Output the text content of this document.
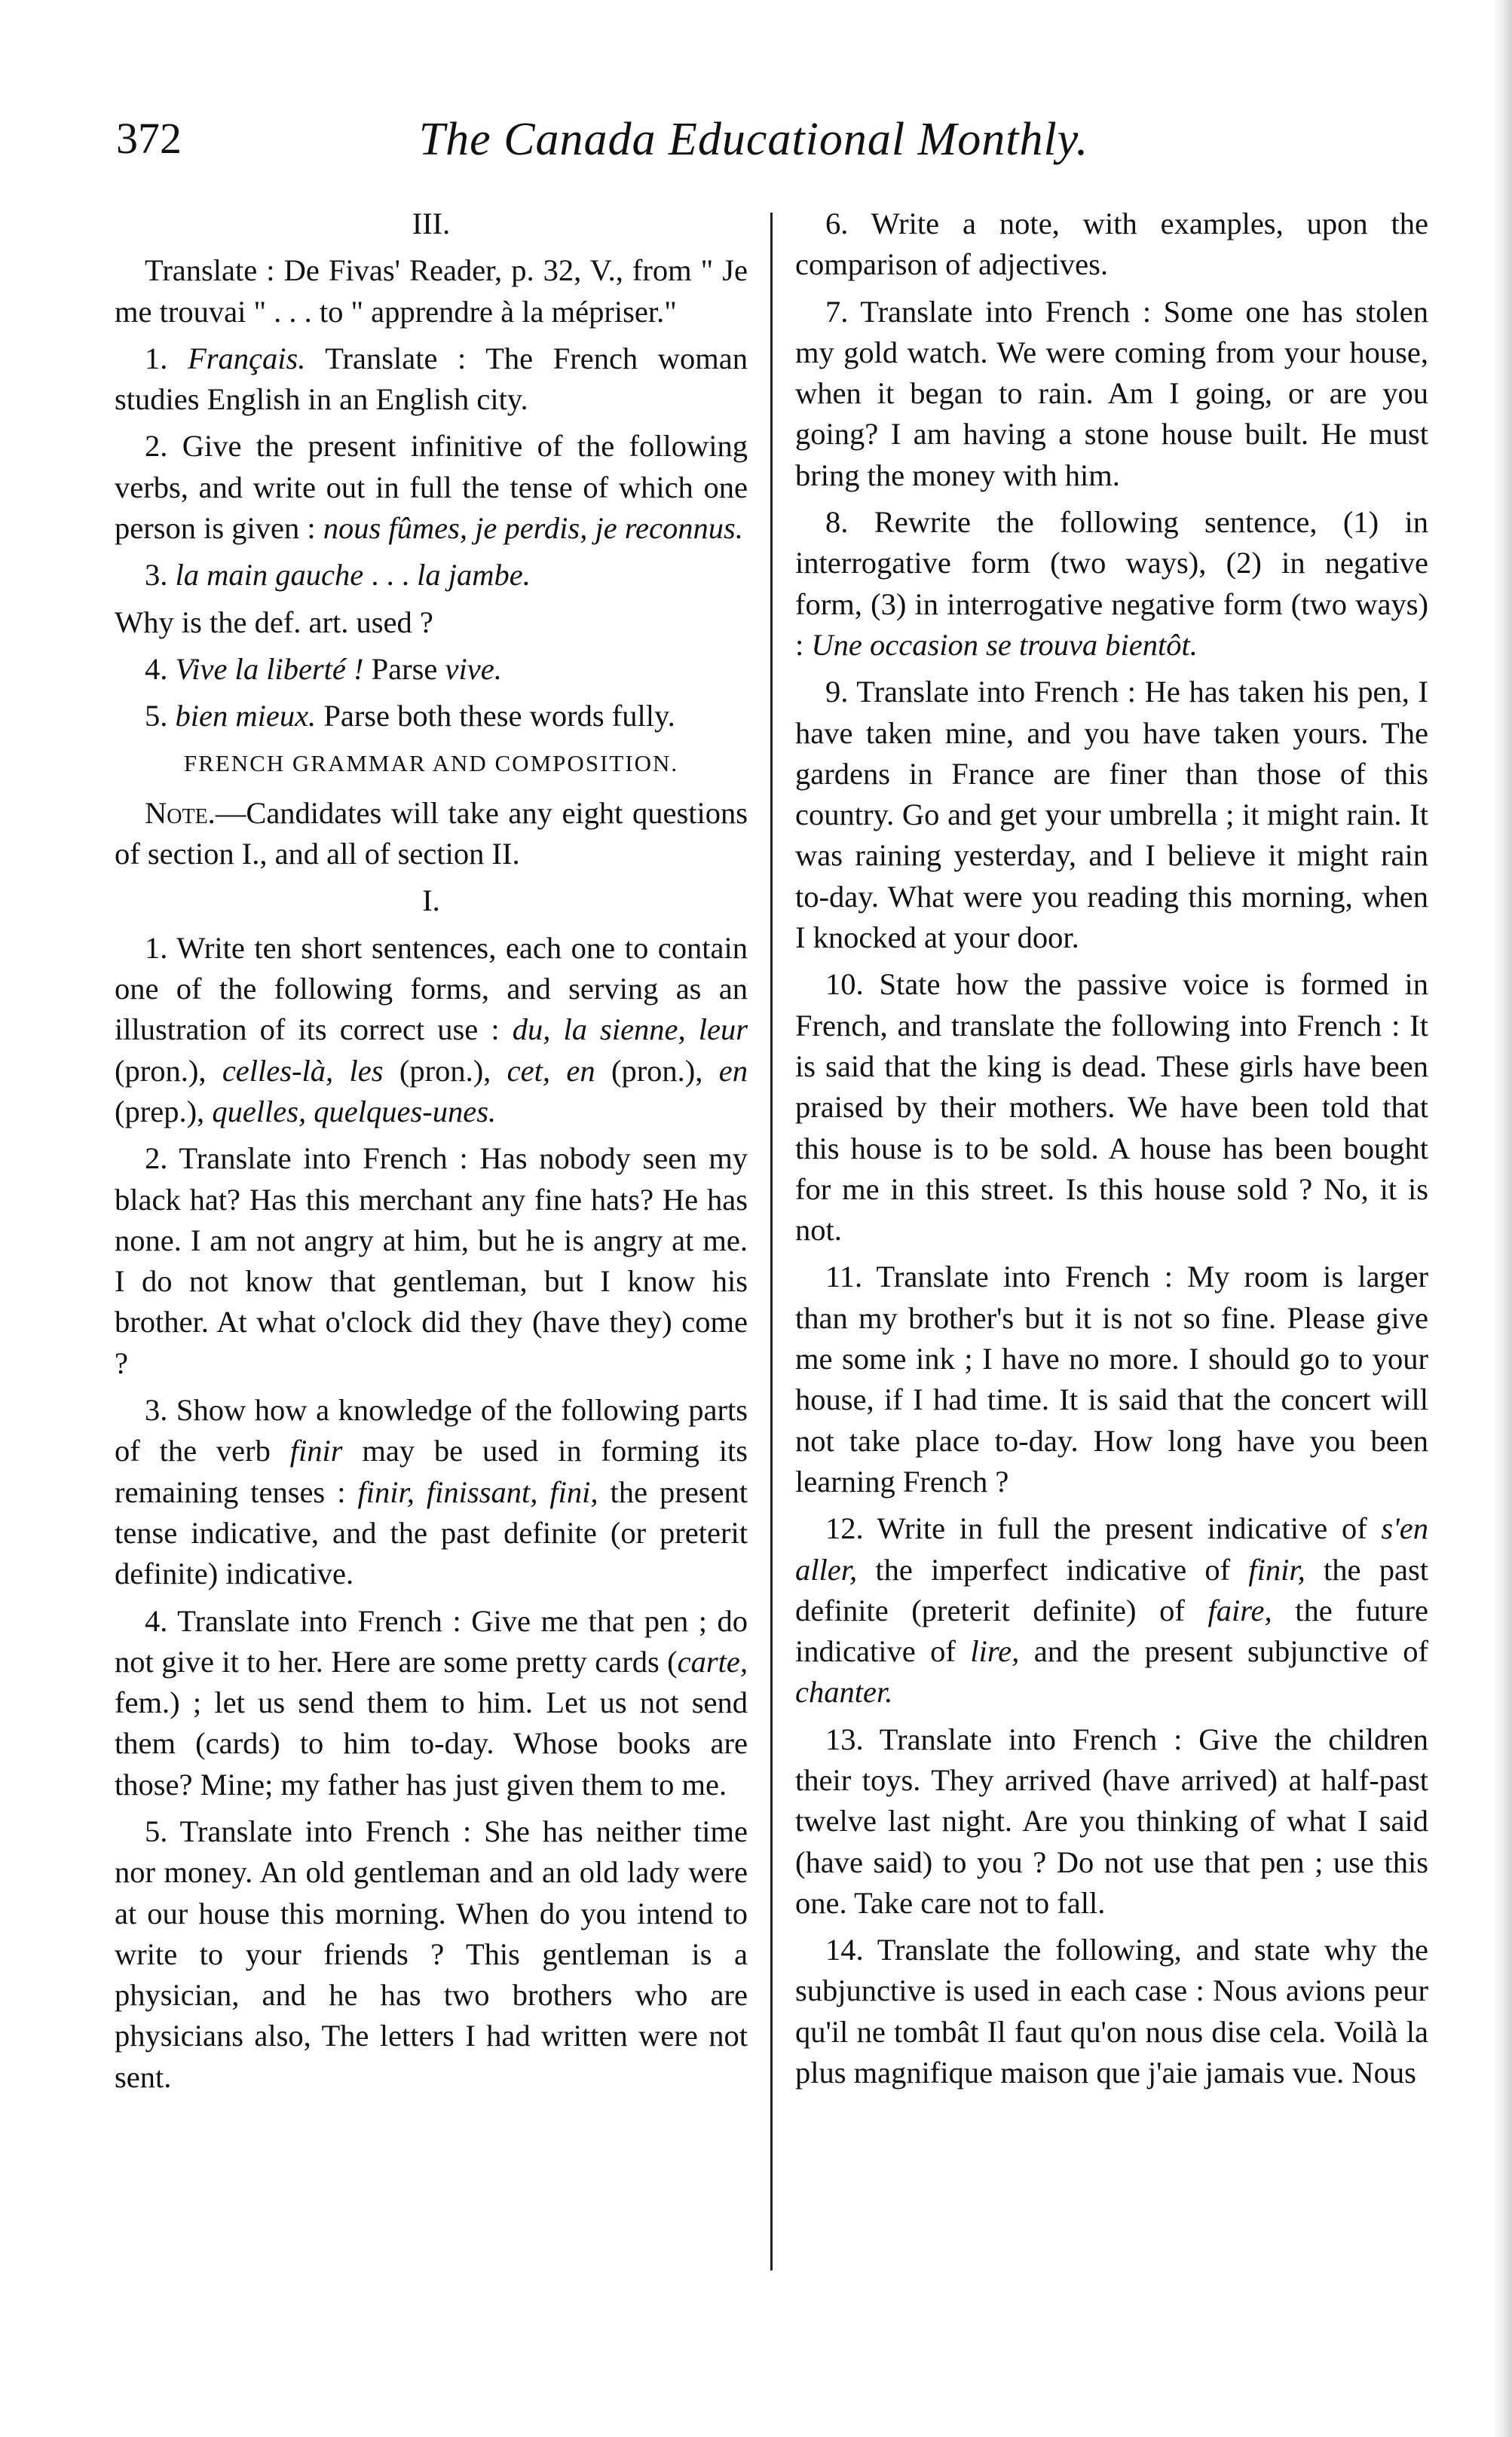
372	The Canada Educational Monthly.

III.

Translate : De Fivas' Reader, p. 32, V., from " Je me trouvai " . . . to " apprendre à la mépriser."

1. Français. Translate : The French woman studies English in an English city.

2. Give the present infinitive of the following verbs, and write out in full the tense of which one person is given : nous fûmes, je perdis, je reconnus.

3. la main gauche . . . la jambe.

Why is the def. art. used ?

4. Vive la liberté ! Parse vive.

5. bien mieux. Parse both these words fully.

FRENCH GRAMMAR AND COMPOSITION.

Note.—Candidates will take any eight questions of section I., and all of section II.

I.

1. Write ten short sentences, each one to contain one of the following forms, and serving as an illustration of its correct use : du, la sienne, leur (pron.), celles-là, les (pron.), cet, en (pron.), en (prep.), quelles, quelques-unes.

2. Translate into French : Has nobody seen my black hat? Has this merchant any fine hats? He has none. I am not angry at him, but he is angry at me. I do not know that gentleman, but I know his brother. At what o'clock did they (have they) come ?

3. Show how a knowledge of the following parts of the verb finir may be used in forming its remaining tenses : finir, finissant, fini, the present tense indicative, and the past definite (or preterit definite) indicative.

4. Translate into French : Give me that pen ; do not give it to her. Here are some pretty cards (carte, fem.) ; let us send them to him. Let us not send them (cards) to him to-day. Whose books are those? Mine; my father has just given them to me.

5. Translate into French : She has neither time nor money. An old gentleman and an old lady were at our house this morning. When do you intend to write to your friends ? This gentleman is a physician, and he has two brothers who are physicians also, The letters I had written were not sent.

6. Write a note, with examples, upon the comparison of adjectives.

7. Translate into French : Some one has stolen my gold watch. We were coming from your house, when it began to rain. Am I going, or are you going? I am having a stone house built. He must bring the money with him.

8. Rewrite the following sentence, (1) in interrogative form (two ways), (2) in negative form, (3) in interrogative negative form (two ways) : Une occasion se trouva bientôt.

9. Translate into French : He has taken his pen, I have taken mine, and you have taken yours. The gardens in France are finer than those of this country. Go and get your umbrella ; it might rain. It was raining yesterday, and I believe it might rain to-day. What were you reading this morning, when I knocked at your door.

10. State how the passive voice is formed in French, and translate the following into French : It is said that the king is dead. These girls have been praised by their mothers. We have been told that this house is to be sold. A house has been bought for me in this street. Is this house sold ? No, it is not.

11. Translate into French : My room is larger than my brother's but it is not so fine. Please give me some ink ; I have no more. I should go to your house, if I had time. It is said that the concert will not take place to-day. How long have you been learning French ?

12. Write in full the present indicative of s'en aller, the imperfect indicative of finir, the past definite (preterit definite) of faire, the future indicative of lire, and the present subjunctive of chanter.

13. Translate into French : Give the children their toys. They arrived (have arrived) at half-past twelve last night. Are you thinking of what I said (have said) to you ? Do not use that pen ; use this one. Take care not to fall.

14. Translate the following, and state why the subjunctive is used in each case : Nous avions peur qu'il ne tombât Il faut qu'on nous dise cela. Voilà la plus magnifique maison que j'aie jamais vue. Nous
